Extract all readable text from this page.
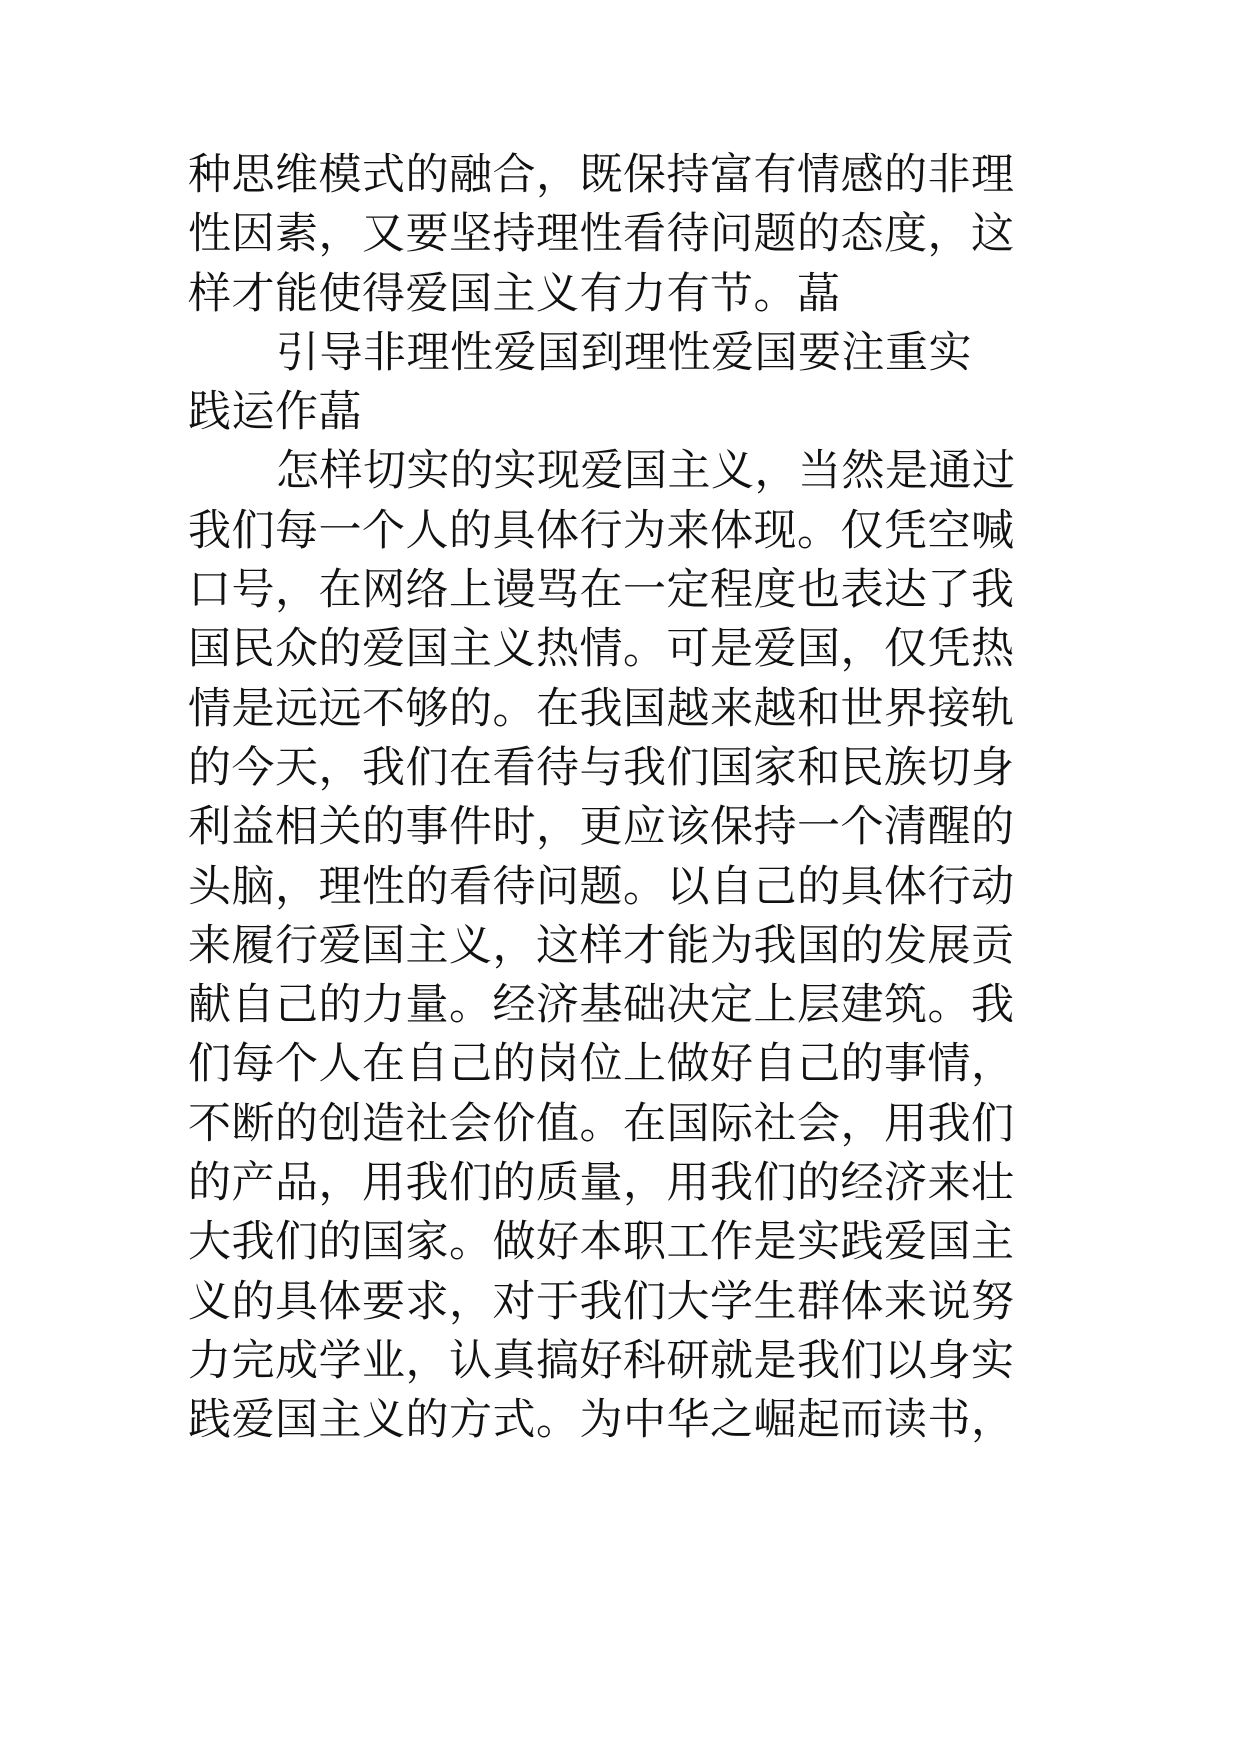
种思维模式的融合，既保持富有情感的非理
性因素，又要坚持理性看待问题的态度，这
样才能使得爱国主义有力有节。蕌
引导非理性爱国到理性爱国要注重实
践运作蕌
怎样切实的实现爱国主义，当然是通过
我们每一个人的具体行为来体现。仅凭空喊
口号，在网络上谩骂在一定程度也表达了我
国民众的爱国主义热情。可是爱国，仅凭热
情是远远不够的。在我国越来越和世界接轨
的今天，我们在看待与我们国家和民族切身
利益相关的事件时，更应该保持一个清醒的
头脑，理性的看待问题。以自己的具体行动
来履行爱国主义，这样才能为我国的发展贡
献自己的力量。经济基础决定上层建筑。我
们每个人在自己的岗位上做好自己的事情，
不断的创造社会价值。在国际社会，用我们
的产品，用我们的质量，用我们的经济来壮
大我们的国家。做好本职工作是实践爱国主
义的具体要求，对于我们大学生群体来说努
力完成学业，认真搞好科研就是我们以身实
践爱国主义的方式。为中华之崛起而读书，
